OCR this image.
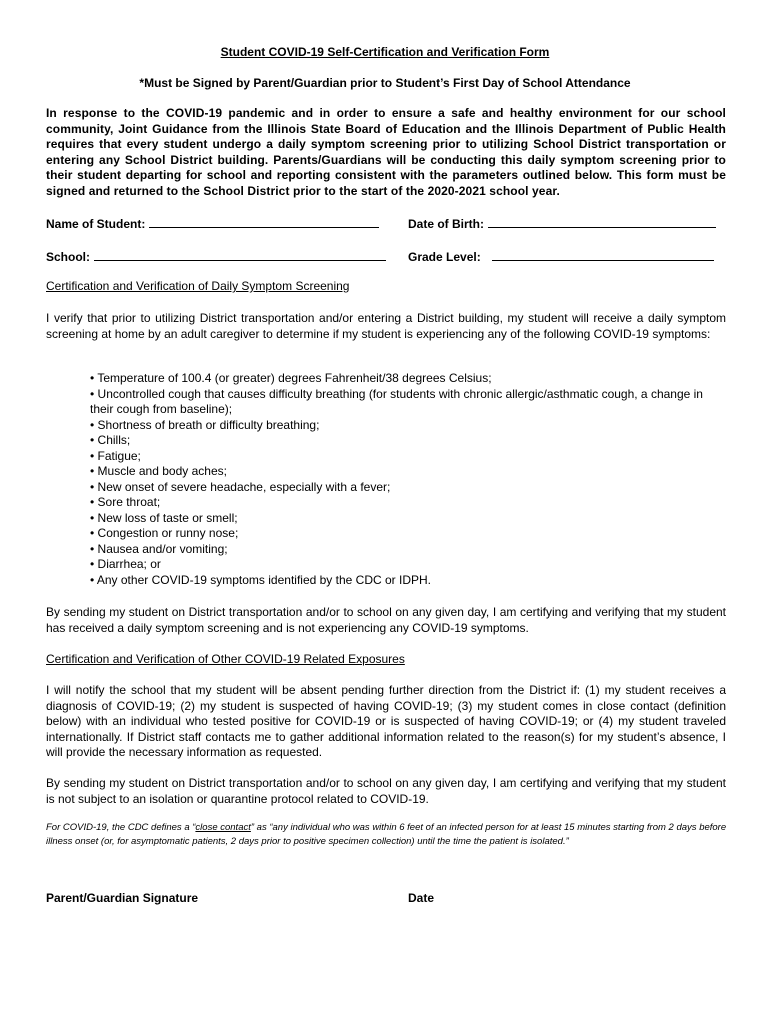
Student COVID-19 Self-Certification and Verification Form
*Must be Signed by Parent/Guardian prior to Student’s First Day of School Attendance
In response to the COVID-19 pandemic and in order to ensure a safe and healthy environment for our school community, Joint Guidance from the Illinois State Board of Education and the Illinois Department of Public Health requires that every student undergo a daily symptom screening prior to utilizing School District transportation or entering any School District building. Parents/Guardians will be conducting this daily symptom screening prior to their student departing for school and reporting consistent with the parameters outlined below. This form must be signed and returned to the School District prior to the start of the 2020-2021 school year.
Name of Student:	Date of Birth:
School:	Grade Level:
Certification and Verification of Daily Symptom Screening
I verify that prior to utilizing District transportation and/or entering a District building, my student will receive a daily symptom screening at home by an adult caregiver to determine if my student is experiencing any of the following COVID-19 symptoms:
• Temperature of 100.4 (or greater) degrees Fahrenheit/38 degrees Celsius;
• Uncontrolled cough that causes difficulty breathing (for students with chronic allergic/asthmatic cough, a change in their cough from baseline);
• Shortness of breath or difficulty breathing;
• Chills;
• Fatigue;
• Muscle and body aches;
• New onset of severe headache, especially with a fever;
• Sore throat;
• New loss of taste or smell;
• Congestion or runny nose;
• Nausea and/or vomiting;
• Diarrhea; or
• Any other COVID-19 symptoms identified by the CDC or IDPH.
By sending my student on District transportation and/or to school on any given day, I am certifying and verifying that my student has received a daily symptom screening and is not experiencing any COVID-19 symptoms.
Certification and Verification of Other COVID-19 Related Exposures
I will notify the school that my student will be absent pending further direction from the District if: (1) my student receives a diagnosis of COVID-19; (2) my student is suspected of having COVID-19; (3) my student comes in close contact (definition below) with an individual who tested positive for COVID-19 or is suspected of having COVID-19; or (4) my student traveled internationally. If District staff contacts me to gather additional information related to the reason(s) for my student’s absence, I will provide the necessary information as requested.
By sending my student on District transportation and/or to school on any given day, I am certifying and verifying that my student is not subject to an isolation or quarantine protocol related to COVID-19.
For COVID-19, the CDC defines a “close contact” as “any individual who was within 6 feet of an infected person for at least 15 minutes starting from 2 days before illness onset (or, for asymptomatic patients, 2 days prior to positive specimen collection) until the time the patient is isolated.”
Parent/Guardian Signature	Date
